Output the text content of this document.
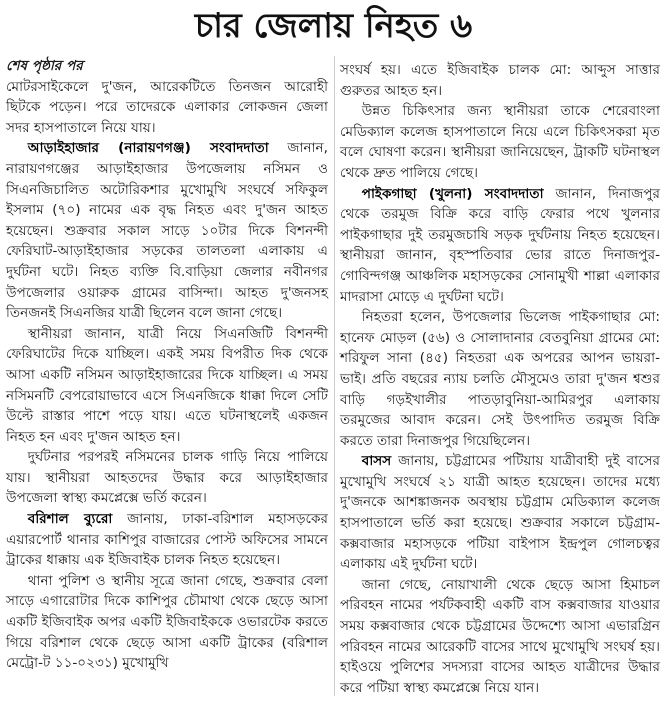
চার জেলায় নিহত ৬
শেষ পৃষ্ঠার পর

মোটরসাইকেলে দু'জন, আরেকটিতে তিনজন আরোহী ছিটকে পড়েন। পরে তাদেরকে এলাকার লোকজন জেলা সদর হাসপাতালে নিয়ে যায়।

আড়াইহাজার (নারায়ণগঞ্জ) সংবাদদাতা জানান, নারায়ণগঞ্জের আড়াইহাজার উপজেলায় নসিমন ও সিএনজিচালিত অটোরিকশার মুখোমুখি সংঘর্ষে সফিকুল ইসলাম (৭০) নামের এক বৃদ্ধ নিহত এবং দু'জন আহত হয়েছেন। শুক্রবার সকাল সাড়ে ১০টার দিকে বিশনন্দী ফেরিঘাট-আড়াইহাজার সড়কের তালতলা এলাকায় এ দুর্ঘটনা ঘটে। নিহত ব্যক্তি বি.বাড়িয়া জেলার নবীনগর উপজেলার ওয়ারুক গ্রামের বাসিন্দা। আহত দু'জনসহ তিনজনই সিএনজির যাত্রী ছিলেন বলে জানা গেছে।

স্থানীয়রা জানান, যাত্রী নিয়ে সিএনজিটি বিশনন্দী ফেরিঘাটের দিকে যাচ্ছিল। একই সময় বিপরীত দিক থেকে আসা একটি নসিমন আড়াইহাজারের দিকে যাচ্ছিল। এ সময় নসিমনটি বেপরোয়াভাবে এসে সিএনজিকে ধাক্কা দিলে সেটি উল্টে রাস্তার পাশে পড়ে যায়। এতে ঘটনাস্থলেই একজন নিহত হন এবং দু'জন আহত হন।

দুর্ঘটনার পরপরই নসিমনের চালক গাড়ি নিয়ে পালিয়ে যায়। স্থানীয়রা আহতদের উদ্ধার করে আড়াইহাজার উপজেলা স্বাস্থ্য কমপ্লেক্সে ভর্তি করেন।

বরিশাল ব্যুরো জানায়, ঢাকা-বরিশাল মহাসড়কের এয়ারপোর্ট থানার কাশিপুর বাজারের পোস্ট অফিসের সামনে ট্রাকের ধাক্কায় এক ইজিবাইক চালক নিহত হয়েছেন।

থানা পুলিশ ও স্থানীয় সূত্রে জানা গেছে, শুক্রবার বেলা সাড়ে এগারোটার দিকে কাশিপুর চৌমাথা থেকে ছেড়ে আসা একটি ইজিবাইক অপর একটি ইজিবাইককে ওভারটেক করতে গিয়ে বরিশাল থেকে ছেড়ে আসা একটি ট্রাকের (বরিশাল মেট্রো-ট ১১-০২৩১) মুখোমুখি

সংঘর্ষ হয়। এতে ইজিবাইক চালক মো: আব্দুস সাত্তার গুরুতর আহত হন।

উন্নত চিকিৎসার জন্য স্থানীয়রা তাকে শেরেবাংলা মেডিক্যাল কলেজ হাসপাতালে নিয়ে এলে চিকিৎসকরা মৃত বলে ঘোষণা করেন। স্থানীয়রা জানিয়েছেন, ট্রাকটি ঘটনাস্থল থেকে দ্রুত পালিয়ে গেছে।

পাইকগাছা (খুলনা) সংবাদদাতা জানান, দিনাজপুর থেকে তরমুজ বিক্রি করে বাড়ি ফেরার পথে খুলনার পাইকগাছার দুই তরমুজচাষি সড়ক দুর্ঘটনায় নিহত হয়েছেন। স্থানীয়রা জানান, বৃহস্পতিবার ভোর রাতে দিনাজপুর-গোবিন্দগঞ্জ আঞ্চলিক মহাসড়কের সোনামুখী শাল্লা এলাকার মাদরাসা মোড়ে এ দুর্ঘটনা ঘটে।

নিহতরা হলেন, উপজেলার ভিলেজ পাইকগাছার মো: হানেফ মোড়ল (৫৬) ও সোলাদানার বেতবুনিয়া গ্রামের মো: শরিফুল সানা (৪৫) নিহতরা এক অপরের আপন ভায়রা-ভাই। প্রতি বছরের ন্যায় চলতি মৌসুমেও তারা দু'জন শ্বশুর বাড়ি গড়ইখালীর পাতড়াবুনিয়া-আমিরপুর এলাকায় তরমুজের আবাদ করেন। সেই উৎপাদিত তরমুজ বিক্রি করতে তারা দিনাজপুর গিয়েছিলেন।

বাসস জানায়, চট্টগ্রামের পটিয়ায় যাত্রীবাহী দুই বাসের মুখোমুখি সংঘর্ষে ২১ যাত্রী আহত হয়েছেন। তাদের মধ্যে দু'জনকে আশঙ্কাজনক অবস্থায় চট্টগ্রাম মেডিক্যাল কলেজ হাসপাতালে ভর্তি করা হয়েছে। শুক্রবার সকালে চট্টগ্রাম-কক্সবাজার মহাসড়কে পটিয়া বাইপাস ইন্দ্রপুল গোলচত্বর এলাকায় এই দুর্ঘটনা ঘটে।

জানা গেছে, নোয়াখালী থেকে ছেড়ে আসা হিমাচল পরিবহন নামের পর্যটকবাহী একটি বাস কক্সবাজার যাওয়ার সময় কক্সবাজার থেকে চট্টগ্রামের উদ্দেশ্যে আসা এভারগ্রিন পরিবহন নামের আরেকটি বাসের সাথে মুখোমুখি সংঘর্ষ হয়। হাইওয়ে পুলিশের সদস্যরা বাসের আহত যাত্রীদের উদ্ধার করে পটিয়া স্বাস্থ্য কমপ্লেক্সে নিয়ে যান।
